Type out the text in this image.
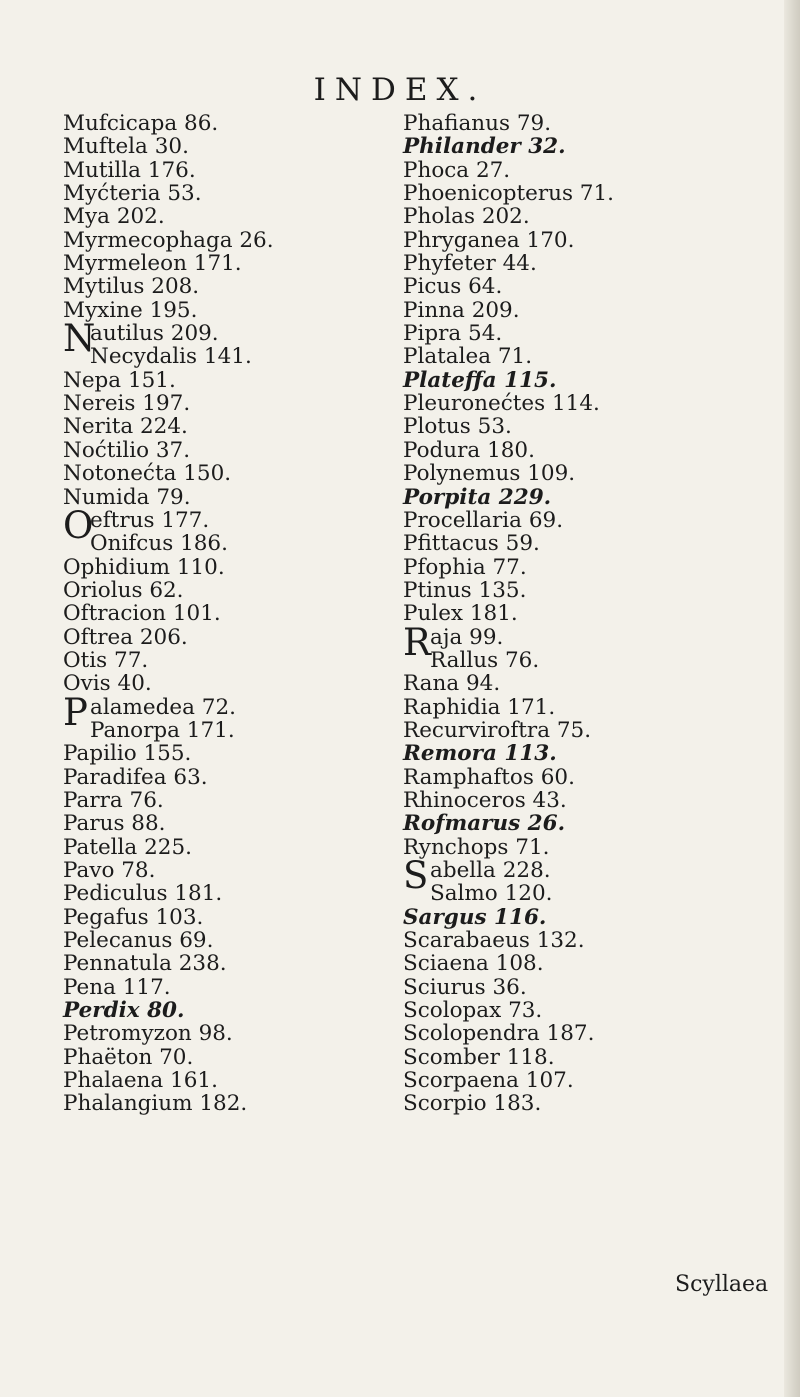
INDEX.
Mufcicapa 86.
Muftela 30.
Mutilla 176.
Myćteria 53.
Mya 202.
Myrmecophaga 26.
Myrmeleon 171.
Mytilus 208.
Myxine 195.
N
autilus 209.
Necydalis 141.
Nepa 151.
Nereis 197.
Nerita 224.
Noćtilio 37.
Notonećta 150.
Numida 79.
O
eftrus 177.
Onifcus 186.
Ophidium 110.
Oriolus 62.
Oftracion 101.
Oftrea 206.
Otis 77.
Ovis 40.
P alamedea 72.
Panorpa 171.
Papilio 155.
Paradifea 63.
Parra 76.
Parus 88.
Patella 225.
Pavo 78.
Pediculus 181.
Pegafus 103.
Pelecanus 69.
Pennatula 238.
Pena 117.
Perdix 80.
Petromyzon 98.
Phaëton 70.
Phalaena 161.
Phalangium 182.
Phafianus 79.
Philander 32.
Phoca 27.
Phoenicopterus 71.
Pholas 202.
Phryganea 170.
Phyfeter 44.
Picus 64.
Pinna 209.
Pipra 54.
Platalea 71.
Plateffa 115.
Pleuronećtes 114.
Plotus 53.
Podura 180.
Polynemus 109.
Porpita 229.
Procellaria 69.
Pfittacus 59.
Pfophia 77.
Ptinus 135.
Pulex 181.
R aja 99.
Rallus 76.
Rana 94.
Raphidia 171.
Recurviroftra 75.
Remora 113.
Ramphaftos 60.
Rhinoceros 43.
Rofmarus 26.
Rynchops 71.
S abella 228.
Salmo 120.
Sargus 116.
Scarabaeus 132.
Sciaena 108.
Sciurus 36.
Scolopax 73.
Scolopendra 187.
Scomber 118.
Scorpaena 107.
Scorpio 183.
Scyllaea
